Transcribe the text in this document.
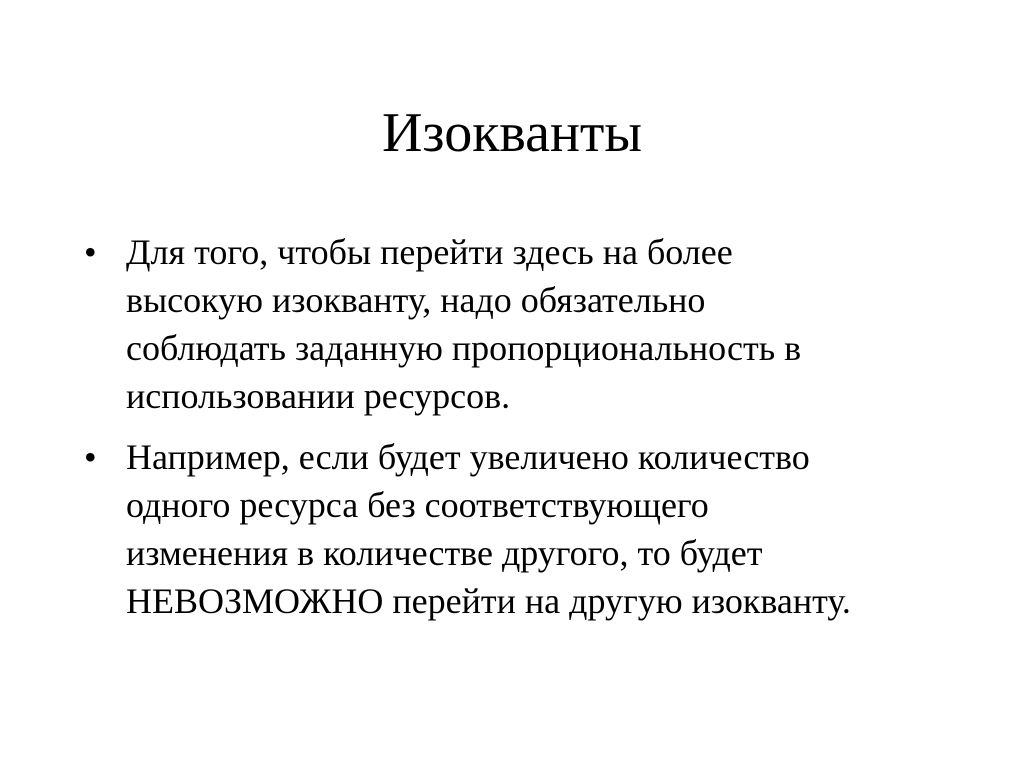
Изокванты
• Для того, чтобы перейти здесь на более
высокую изокванту, надо обязательно
соблюдать заданную пропорциональность в
использовании ресурсов.
• Например, если будет увеличено количество
одного ресурса без соответствующего
изменения в количестве другого, то будет
НЕВОЗМОЖНО перейти на другую изокванту.
